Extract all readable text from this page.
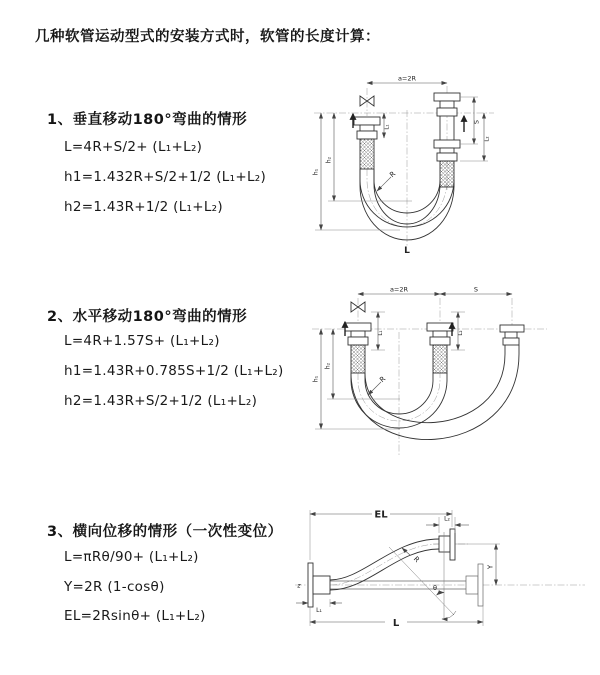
几种软管运动型式的安装方式时，软管的长度计算：
1、垂直移动180°弯曲的情形
L=4R+S/2+ (L₁+L₂)
h1=1.432R+S/2+1/2 (L₁+L₂)
h2=1.43R+1/2 (L₁+L₂)
2、水平移动180°弯曲的情形
L=4R+1.57S+ (L₁+L₂)
h1=1.43R+0.785S+1/2 (L₁+L₂)
h2=1.43R+S/2+1/2 (L₁+L₂)
3、横向位移的情形（一次性变位）
L=πRθ/90+ (L₁+L₂)
Y=2R (1-cosθ)
EL=2Rsinθ+ (L₁+L₂)
a=2R
L₁
S
L₂
h₁
h₂
R
L
a=2R	S
h₁
h₂
L₁	L₂
R
EL
L
Y
R
θ
L₁
L₂
z
